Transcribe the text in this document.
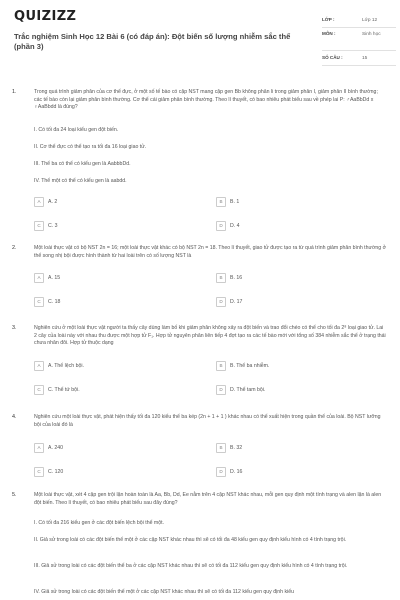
QUIZIZZ
Trắc nghiệm Sinh Học 12 Bài 6 (có đáp án): Đột biến số lượng nhiễm sắc thể (phần 3)
LỚP :	Lớp 12
MÔN :	Sinh học
SỐ CÂU :	15
1.	Trong quá trình giảm phân của cơ thể đực, ở một số tế bào có cặp NST mang cặp gen Bb không phân li trong giảm phân I, giảm phân II bình thường; các tế bào còn lại giảm phân bình thường. Cơ thể cái giảm phân bình thường. Theo lí thuyết, có bao nhiêu phát biểu sau về phép lai P: ♂AaBbDd x ♀AaBbdd là đúng?
I. Có tối đa 24 loại kiểu gen đột biến.
II. Cơ thể đực có thể tạo ra tối đa 16 loại giao tử.
III. Thể ba có thể có kiểu gen là AabbbDd.
IV. Thể một có thể có kiểu gen là aabdd.
A	A. 2	B	B. 1
C	C. 3	D	D. 4
2.	Một loài thực vật có bộ NST 2n = 16; một loài thực vật khác có bộ NST 2n = 18. Theo lí thuyết, giao tử được tạo ra từ quá trình giảm phân bình thường ở thể song nhị bội được hình thành từ hai loài trên có số lượng NST là
A	A. 15	B	B. 16
C	C. 18	D	D. 17
3.	Nghiên cứu ở một loài thực vật người ta thấy cây dùng làm bố khi giảm phân không xảy ra đột biến và trao đổi chéo có thể cho tối đa 2⁸ loại giao tử. Lai 2 cây của loài này với nhau thu được một hợp tử F₁. Hợp tử nguyên phân liên tiếp 4 đợt tạo ra các tế bào mới với tổng số 384 nhiễm sắc thể ở trạng thái chưa nhân đôi. Hợp tử thuộc dạng
A	A. Thể lệch bội.	B	B. Thể ba nhiễm.
C	C. Thể tứ bội.	D	D. Thể tam bội.
4.	Nghiên cứu một loài thực vật, phát hiện thấy tối đa 120 kiểu thể ba kép (2n + 1 + 1 ) khác nhau có thể xuất hiện trong quần thể của loài. Bộ NST lưỡng bội của loài đó là
A	A. 240	B	B. 32
C	C. 120	D	D. 16
5.	Một loài thực vật, xét 4 cặp gen trội lặn hoàn toàn là Aa, Bb, Dd, Ee nằm trên 4 cặp NST khác nhau, mỗi gen quy định một tính trạng và alen lặn là alen đột biến. Theo lí thuyết, có bao nhiêu phát biểu sau đây đúng?
I. Có tối đa 216 kiểu gen ở các đột biến lệch bội thể một.
II. Giả sử trong loài có các đột biến thể một ở các cặp NST khác nhau thì sẽ có tối đa 48 kiểu gen quy định kiểu hình có 4 tính trạng trội.
III. Giả sử trong loài có các đột biến thể ba ở các cặp NST khác nhau thì sẽ có tối đa 112 kiểu gen quy định kiểu hình có 4 tính trạng trội.
IV. Giả sử trong loài có các đột biến thể một ở các cặp NST khác nhau thì sẽ có tối đa 112 kiểu gen quy định kiểu
